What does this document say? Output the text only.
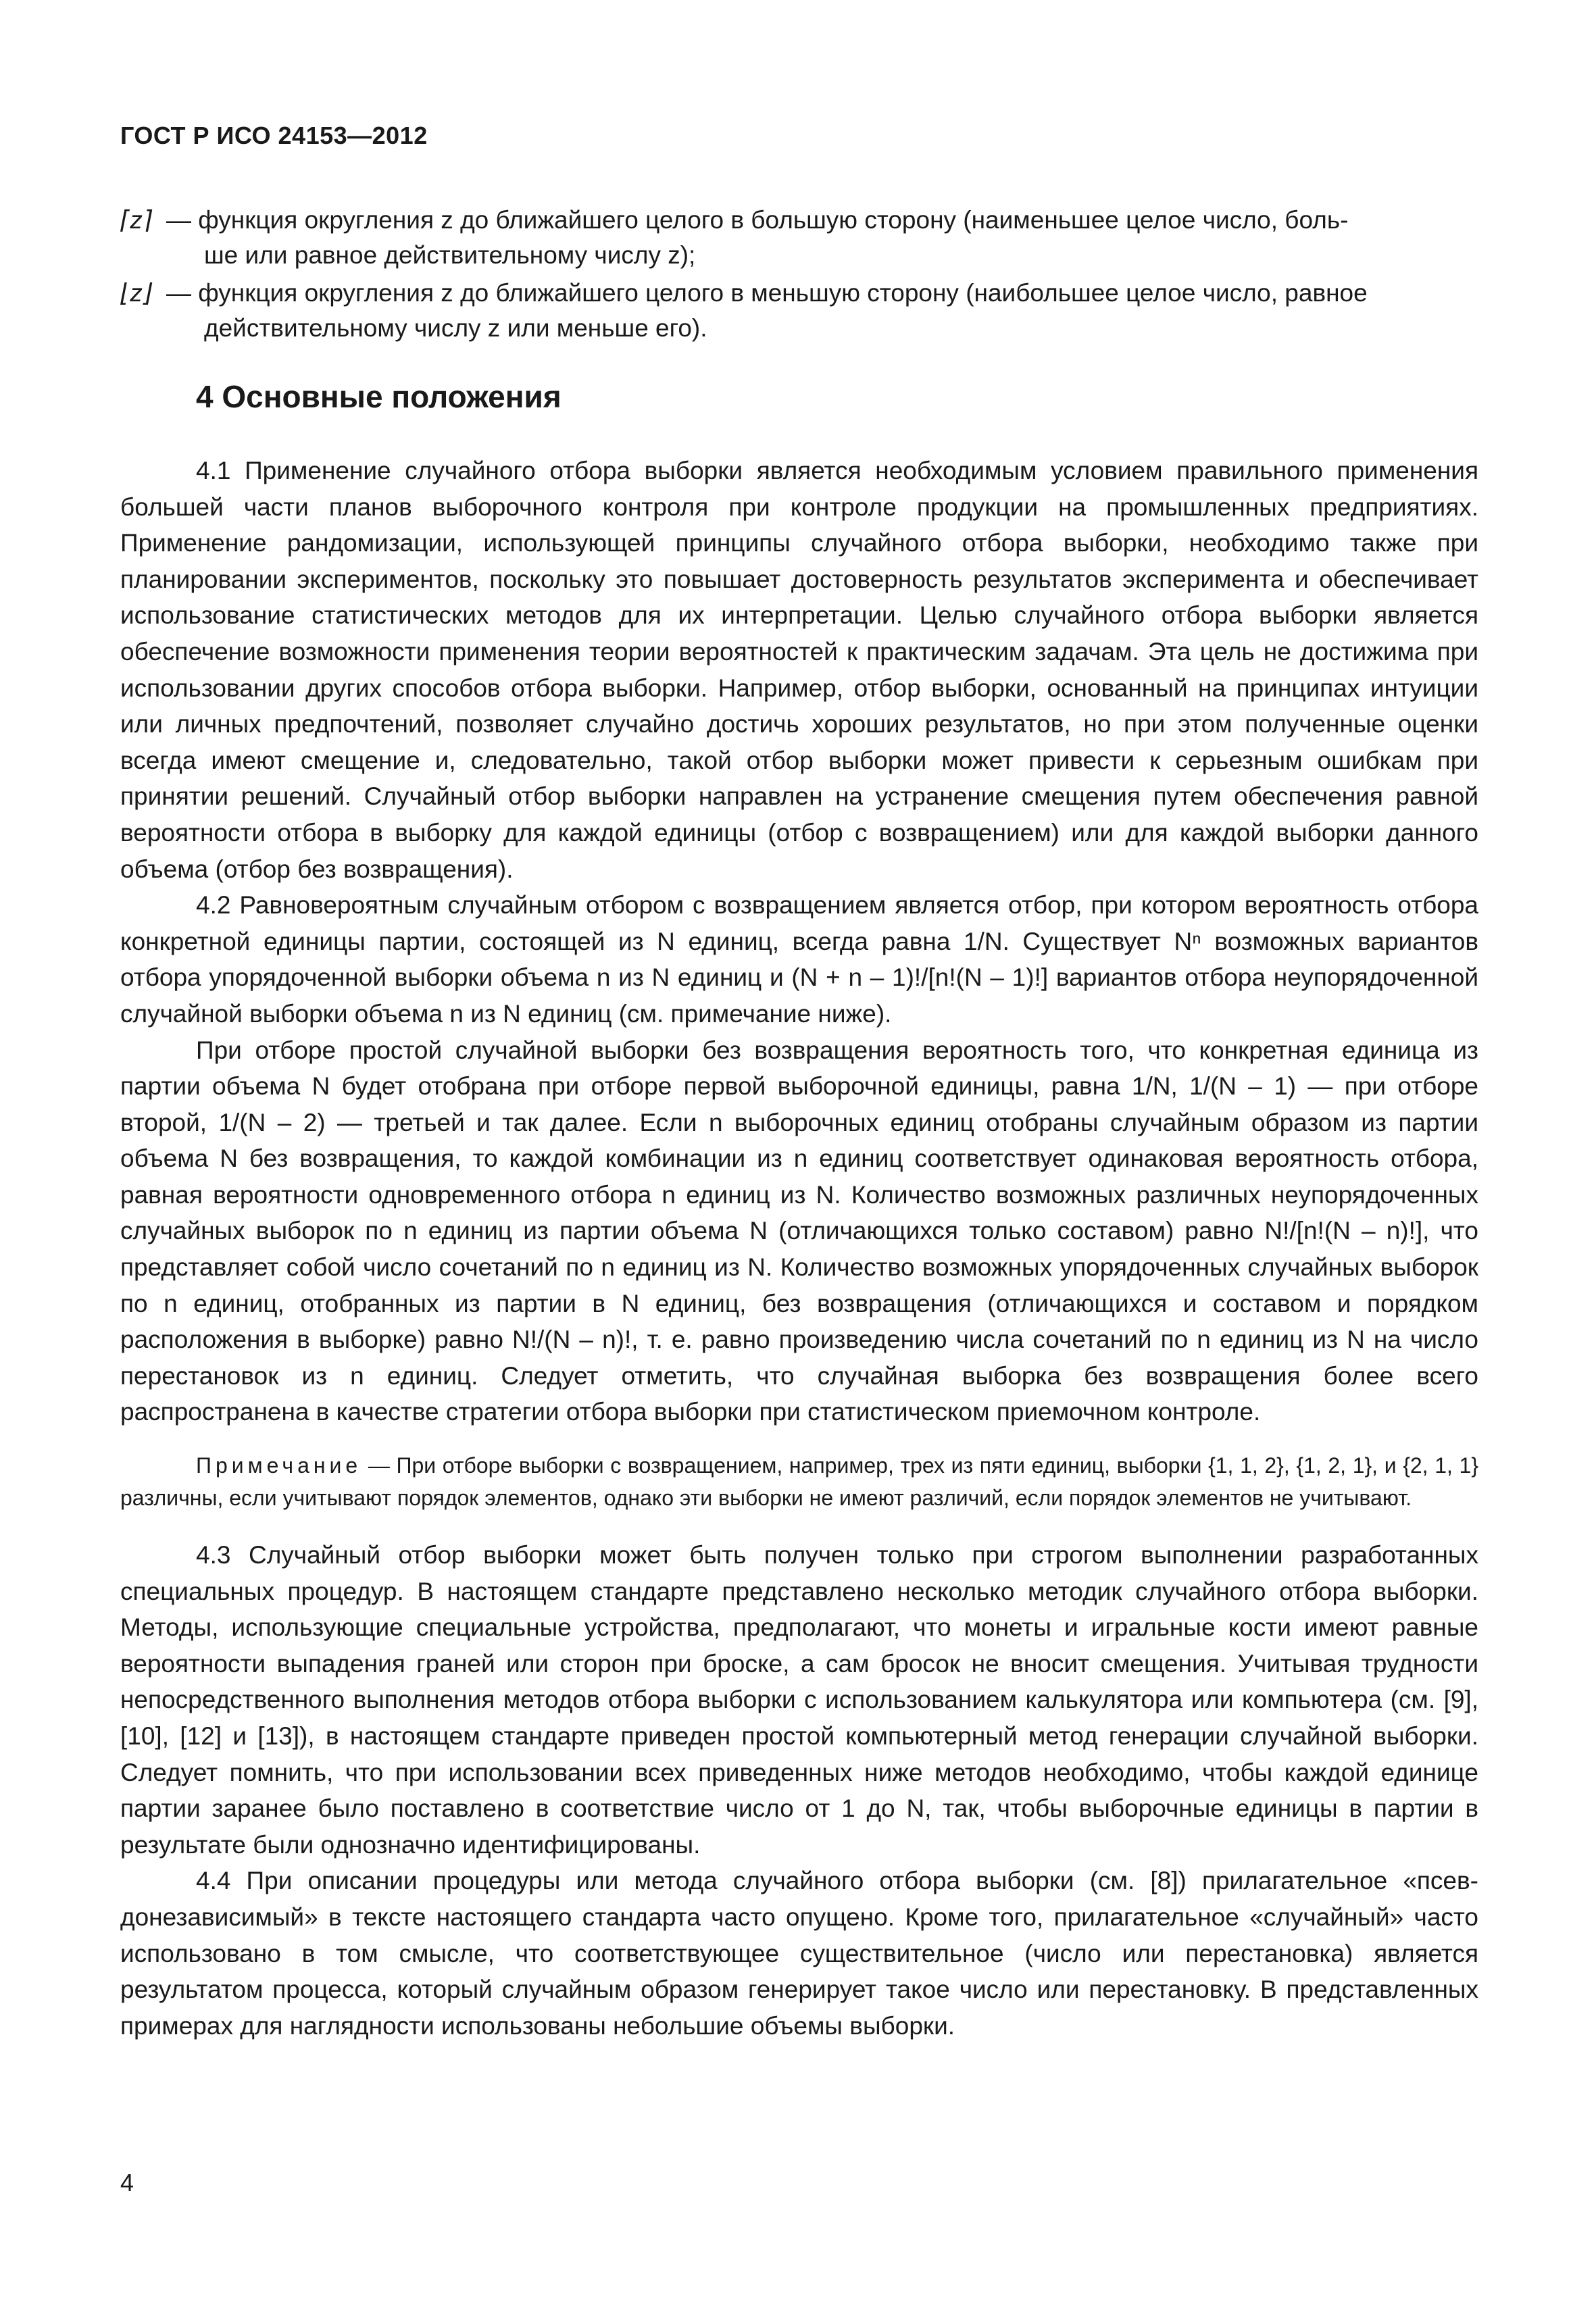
ГОСТ Р ИСО 24153—2012
⌈z⌉ — функция округления z до ближайшего целого в большую сторону (наименьшее целое число, боль-
ше или равное действительному числу z);
⌊z⌋ — функция округления z до ближайшего целого в меньшую сторону (наибольшее целое число, равное
действительному числу z или меньше его).
4 Основные положения

4.1 Применение случайного отбора выборки является необходимым условием правильного применения большей части планов выборочного контроля при контроле продукции на промышленных предприятиях. Применение рандомизации, использующей принципы случайного отбора выборки, необходимо также при планировании экспериментов, поскольку это повышает достоверность результатов эксперимента и обеспечивает использование статистических методов для их интерпретации. Целью случайного отбора выборки является обеспечение возможности применения теории вероятностей к практическим задачам. Эта цель не достижима при использовании других способов отбора выборки. Например, отбор выборки, основанный на принципах интуиции или личных предпочтений, позволяет случайно достичь хороших результатов, но при этом полученные оценки всегда имеют смещение и, следовательно, такой отбор выборки может привести к серьезным ошибкам при принятии решений. Случайный отбор выборки направлен на устранение смещения путем обеспечения равной вероятности отбора в выборку для каждой единицы (отбор с возвращением) или для каждой выборки данного объема (отбор без возвращения).

4.2 Равновероятным случайным отбором с возвращением является отбор, при котором вероятность отбора конкретной единицы партии, состоящей из N единиц, всегда равна 1/N. Существует Nⁿ возможных вариантов отбора упорядоченной выборки объема n из N единиц и (N + n – 1)!/[n!(N – 1)!] вариантов отбора неупорядоченной случайной выборки объема n из N единиц (см. примечание ниже).

При отборе простой случайной выборки без возвращения вероятность того, что конкретная единица из партии объема N будет отобрана при отборе первой выборочной единицы, равна 1/N, 1/(N – 1) — при отборе второй, 1/(N – 2) — третьей и так далее. Если n выборочных единиц отобраны случайным образом из партии объема N без возвращения, то каждой комбинации из n единиц соответствует одинаковая вероятность отбора, равная вероятности одновременного отбора n единиц из N. Количество возможных различных неупорядоченных случайных выборок по n единиц из партии объема N (отличающихся только составом) равно N!/[n!(N – n)!], что представляет собой число сочетаний по n единиц из N. Количество возможных упорядоченных случайных выборок по n единиц, отобранных из партии в N единиц, без возвращения (отличающихся и составом и порядком расположения в выборке) равно N!/(N – n)!, т. е. равно произведению числа сочетаний по n единиц из N на число перестановок из n единиц. Следует отметить, что случайная выборка без возвращения более всего распространена в качестве стратегии отбора выборки при статистическом приемочном контроле.

Примечание — При отборе выборки с возвращением, например, трех из пяти единиц, выборки {1, 1, 2}, {1, 2, 1}, и {2, 1, 1} различны, если учитывают порядок элементов, однако эти выборки не имеют различий, если порядок элементов не учитывают.

4.3 Случайный отбор выборки может быть получен только при строгом выполнении разработанных специальных процедур. В настоящем стандарте представлено несколько методик случайного отбора выборки. Методы, использующие специальные устройства, предполагают, что монеты и игральные кости имеют равные вероятности выпадения граней или сторон при броске, а сам бросок не вносит смещения. Учитывая трудности непосредственного выполнения методов отбора выборки с использованием калькулятора или компьютера (см. [9], [10], [12] и [13]), в настоящем стандарте приведен простой компьютерный метод генерации случайной выборки. Следует помнить, что при использовании всех приведенных ниже методов необходимо, чтобы каждой единице партии заранее было поставлено в соответствие число от 1 до N, так, чтобы выборочные единицы в партии в результате были однозначно идентифицированы.

4.4 При описании процедуры или метода случайного отбора выборки (см. [8]) прилагательное «псевдонезависимый» в тексте настоящего стандарта часто опущено. Кроме того, прилагательное «случайный» часто использовано в том смысле, что соответствующее существительное (число или перестановка) является результатом процесса, который случайным образом генерирует такое число или перестановку. В представленных примерах для наглядности использованы небольшие объемы выборки.

4
